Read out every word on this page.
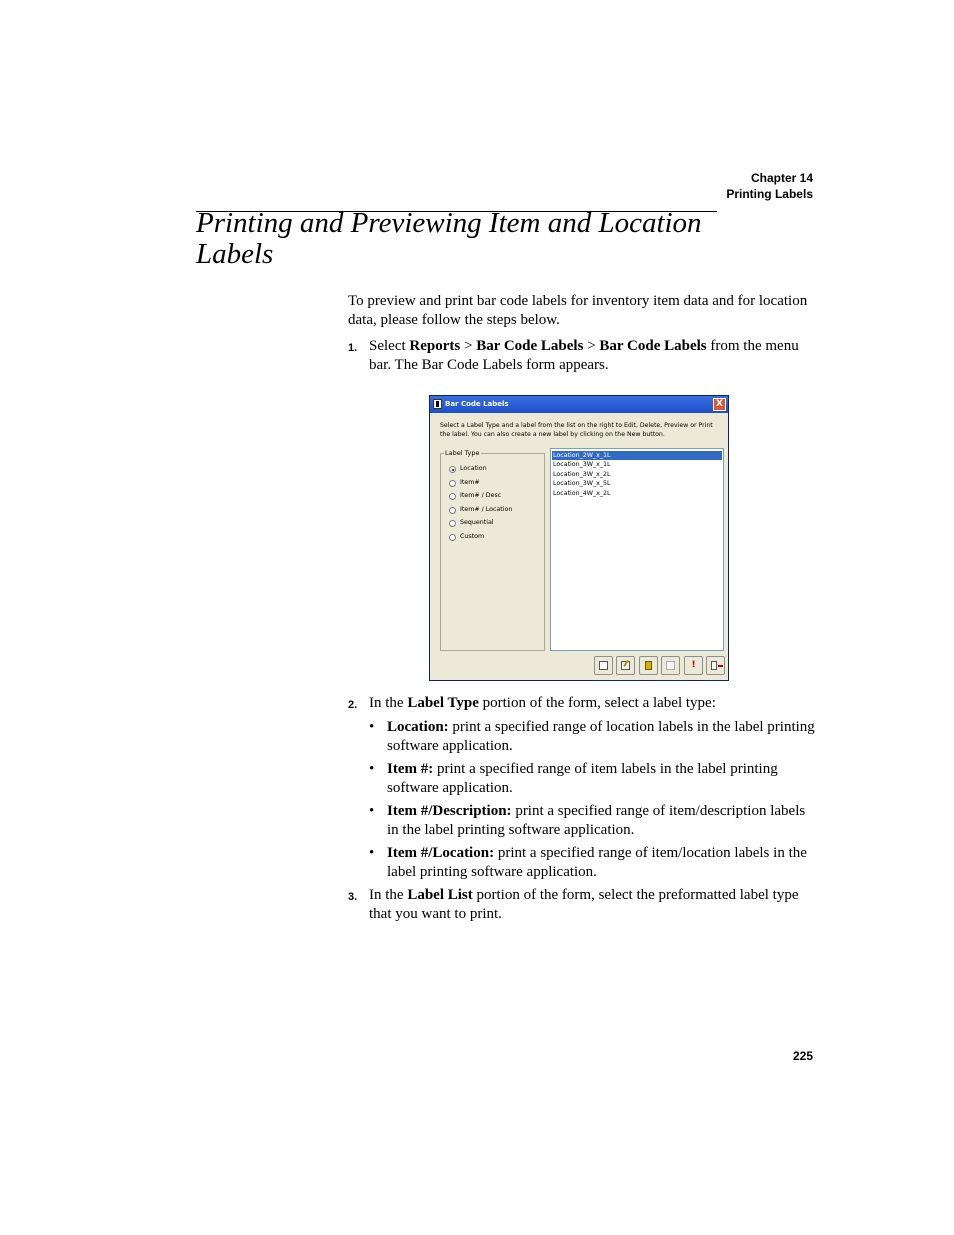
Chapter 14
Printing Labels
Printing and Previewing Item and Location Labels
To preview and print bar code labels for inventory item data and for location data, please follow the steps below.
1. Select Reports > Bar Code Labels > Bar Code Labels from the menu bar. The Bar Code Labels form appears.
Bar Code Labels	X
Select a Label Type and a label from the list on the right to Edit, Delete, Preview or Print the label. You can also create a new label by clicking on the New button.
Label Type
Location
Item#
Item# / Desc
Item# / Location
Sequential
Custom
Location_2W_x_1L
Location_3W_x_1L
Location_3W_x_2L
Location_3W_x_5L
Location_4W_x_2L
!
2. In the Label Type portion of the form, select a label type:
• Location: print a specified range of location labels in the label printing software application.
• Item #: print a specified range of item labels in the label printing software application.
• Item #/Description: print a specified range of item/description labels in the label printing software application.
• Item #/Location: print a specified range of item/location labels in the label printing software application.
3. In the Label List portion of the form, select the preformatted label type that you want to print.
225
